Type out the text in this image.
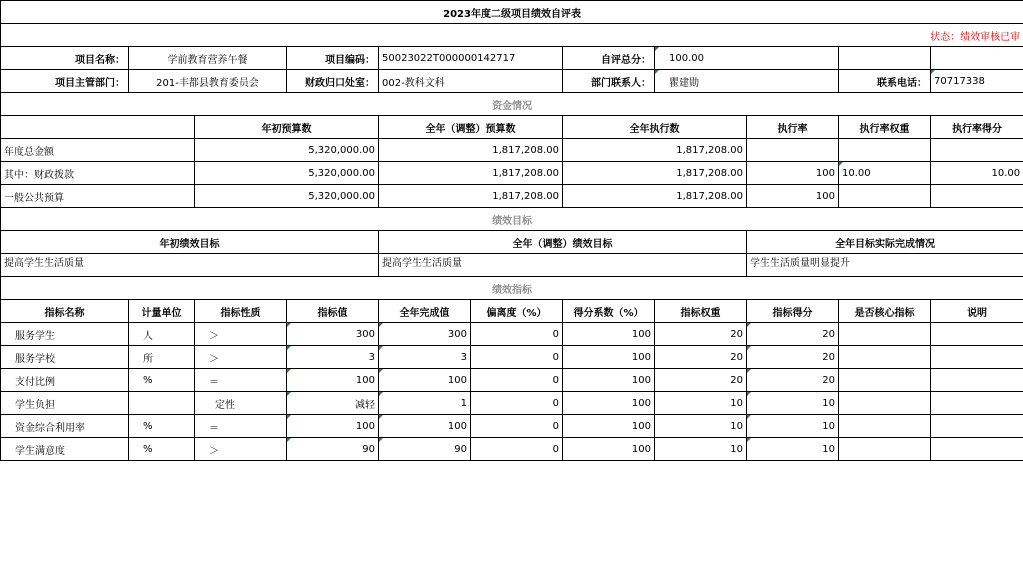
2023年度二级项目绩效自评表										
状态：绩效审核已审										
项目名称：	学前教育营养午餐		项目编码：	50023022T000000142717		自评总分：	100.00			
项目主管部门：	201-丰都县教育委员会		财政归口处室：	002-教科文科		部门联系人：	瞿建勋		联系电话：	70717338
资金情况										
		年初预算数		全年（调整）预算数		全年执行数		执行率	执行率权重	执行率得分
年度总金额		5,320,000.00		1,817,208.00		1,817,208.00				
其中：财政拨款		5,320,000.00		1,817,208.00		1,817,208.00		100	10.00	10.00
一般公共预算		5,320,000.00		1,817,208.00		1,817,208.00		100		
绩效目标										
年初绩效目标				全年（调整）绩效目标				全年目标实际完成情况		
提高学生生活质量				提高学生生活质量				学生生活质量明显提升		
绩效指标										
指标名称	计量单位	指标性质	指标值	全年完成值	偏离度（%）	得分系数（%）	指标权重	指标得分	是否核心指标	说明
服务学生	人	＞	300	300	0	100	20	20		
服务学校	所	＞	3	3	0	100	20	20		
支付比例	%	＝	100	100	0	100	20	20		
学生负担		定性	减轻	1	0	100	10	10		
资金综合利用率	%	＝	100	100	0	100	10	10		
学生满意度	%	＞	90	90	0	100	10	10		
